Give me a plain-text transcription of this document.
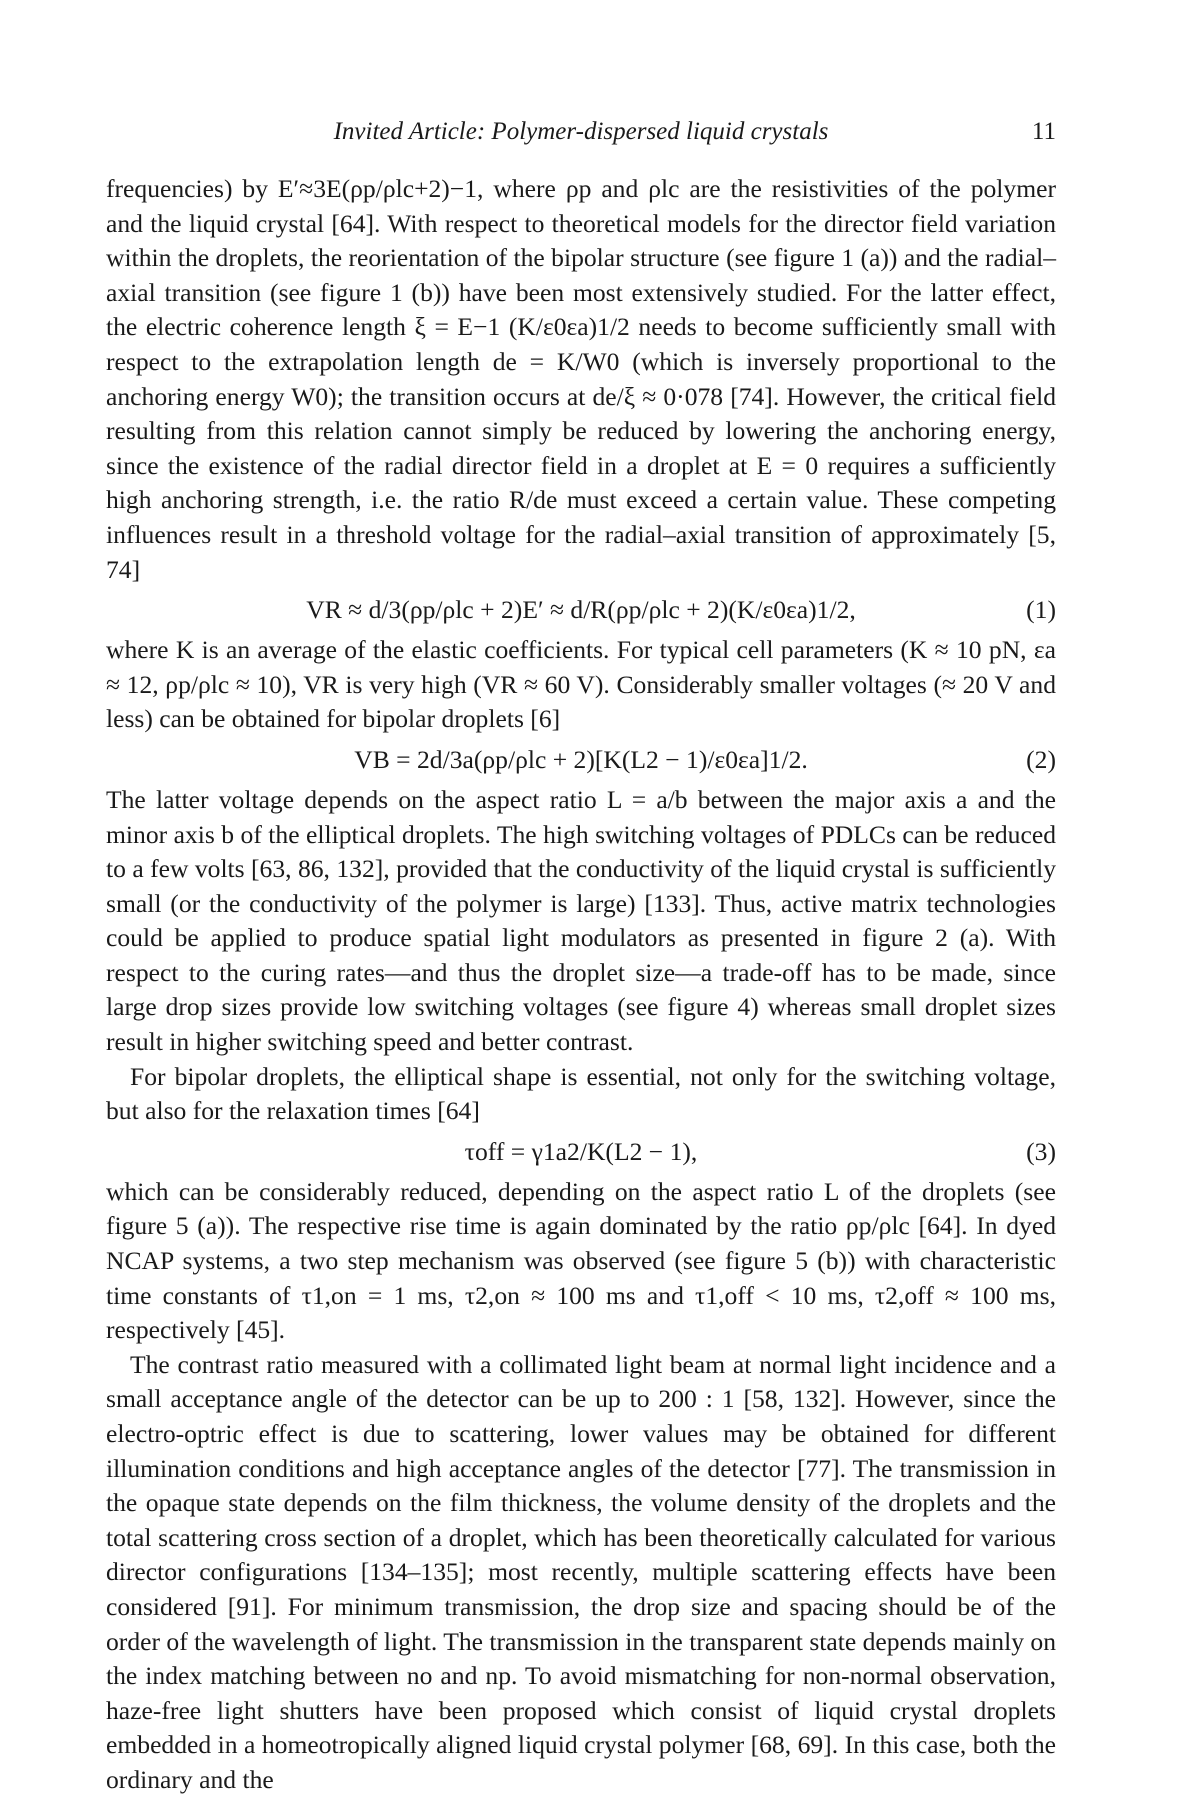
Invited Article: Polymer-dispersed liquid crystals	11

frequencies) by E′≈3E(ρp/ρlc+2)−1, where ρp and ρlc are the resistivities of the polymer and the liquid crystal [64]. With respect to theoretical models for the director field variation within the droplets, the reorientation of the bipolar structure (see figure 1 (a)) and the radial–axial transition (see figure 1 (b)) have been most extensively studied. For the latter effect, the electric coherence length ξ = E−1 (K/ε0εa)1/2 needs to become sufficiently small with respect to the extrapolation length de = K/W0 (which is inversely proportional to the anchoring energy W0); the transition occurs at de/ξ ≈ 0·078 [74]. However, the critical field resulting from this relation cannot simply be reduced by lowering the anchoring energy, since the existence of the radial director field in a droplet at E = 0 requires a sufficiently high anchoring strength, i.e. the ratio R/de must exceed a certain value. These competing influences result in a threshold voltage for the radial–axial transition of approximately [5, 74]

VR ≈ d/3(ρp/ρlc + 2)E′ ≈ d/R(ρp/ρlc + 2)(K/ε0εa)1/2,	(1)

where K is an average of the elastic coefficients. For typical cell parameters (K ≈ 10 pN, εa ≈ 12, ρp/ρlc ≈ 10), VR is very high (VR ≈ 60 V). Considerably smaller voltages (≈ 20 V and less) can be obtained for bipolar droplets [6]

VB = 2d/3a(ρp/ρlc + 2)[K(L2 − 1)/ε0εa]1/2.	(2)

The latter voltage depends on the aspect ratio L = a/b between the major axis a and the minor axis b of the elliptical droplets. The high switching voltages of PDLCs can be reduced to a few volts [63, 86, 132], provided that the conductivity of the liquid crystal is sufficiently small (or the conductivity of the polymer is large) [133]. Thus, active matrix technologies could be applied to produce spatial light modulators as presented in figure 2 (a). With respect to the curing rates—and thus the droplet size—a trade-off has to be made, since large drop sizes provide low switching voltages (see figure 4) whereas small droplet sizes result in higher switching speed and better contrast.

For bipolar droplets, the elliptical shape is essential, not only for the switching voltage, but also for the relaxation times [64]

τoff = γ1a2/K(L2 − 1),	(3)

which can be considerably reduced, depending on the aspect ratio L of the droplets (see figure 5 (a)). The respective rise time is again dominated by the ratio ρp/ρlc [64]. In dyed NCAP systems, a two step mechanism was observed (see figure 5 (b)) with characteristic time constants of τ1,on = 1 ms, τ2,on ≈ 100 ms and τ1,off < 10 ms, τ2,off ≈ 100 ms, respectively [45].

The contrast ratio measured with a collimated light beam at normal light incidence and a small acceptance angle of the detector can be up to 200 : 1 [58, 132]. However, since the electro-optric effect is due to scattering, lower values may be obtained for different illumination conditions and high acceptance angles of the detector [77]. The transmission in the opaque state depends on the film thickness, the volume density of the droplets and the total scattering cross section of a droplet, which has been theoretically calculated for various director configurations [134–135]; most recently, multiple scattering effects have been considered [91]. For minimum transmission, the drop size and spacing should be of the order of the wavelength of light. The transmission in the transparent state depends mainly on the index matching between no and np. To avoid mismatching for non-normal observation, haze-free light shutters have been proposed which consist of liquid crystal droplets embedded in a homeotropically aligned liquid crystal polymer [68, 69]. In this case, both the ordinary and the
